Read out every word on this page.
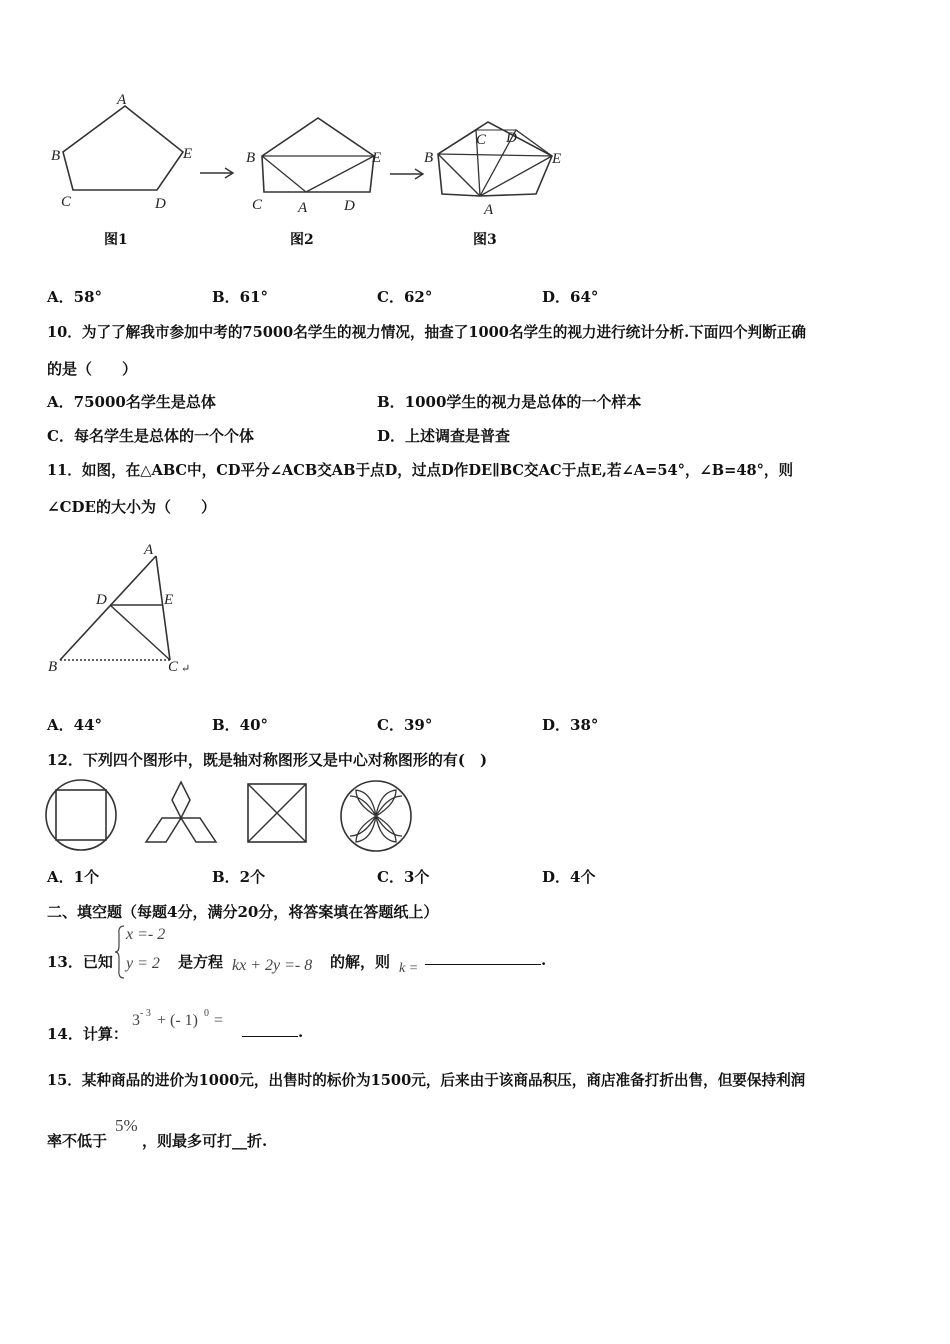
A
B	E
C	D
B	E
C A D
B
C D
E
A
图1	图2	图3
A．58°	B．61°	C．62°	D．64°
10．为了了解我市参加中考的75000名学生的视力情况，抽查了1000名学生的视力进行统计分析.下面四个判断正确
的是（　　）
A．75000名学生是总体	B．1000学生的视力是总体的一个样本
C．每名学生是总体的一个个体	D．上述调查是普查
11．如图，在△ABC中，CD平分∠ACB交AB于点D，过点D作DE∥BC交AC于点E,若∠A=54°，∠B=48°，则
∠CDE的大小为（　　）
A
D	E
B	C ↵
A．44°	B．40°	C．39°	D．38°
12．下列四个图形中，既是轴对称图形又是中心对称图形的有(　)
A．1个	B．2个	C．3个	D．4个
二、填空题（每题4分，满分20分，将答案填在答题纸上）
13．已知
x =- 2
y = 2 是方程 kx + 2y =- 8 的解，则 k =	.
14．计算：
3 - 3 + (- 1) 0 =
.
15．某种商品的进价为1000元，出售时的标价为1500元，后来由于该商品积压，商店准备打折出售，但要保持利润
率不低于
5%
，则最多可打__折.
